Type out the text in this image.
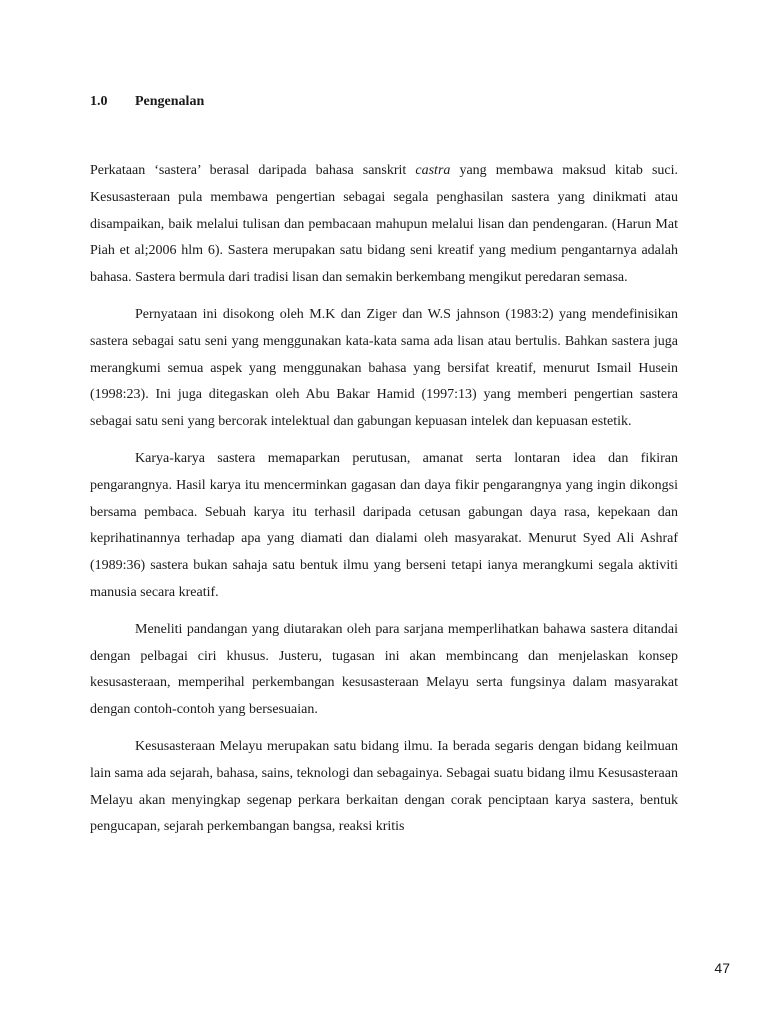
1.0 Pengenalan

Perkataan ‘sastera’ berasal daripada bahasa sanskrit castra yang membawa maksud kitab suci. Kesusasteraan pula membawa pengertian sebagai segala penghasilan sastera yang dinikmati atau disampaikan, baik melalui tulisan dan pembacaan mahupun melalui lisan dan pendengaran. (Harun Mat Piah et al;2006 hlm 6). Sastera merupakan satu bidang seni kreatif yang medium pengantarnya adalah bahasa. Sastera bermula dari tradisi lisan dan semakin berkembang mengikut peredaran semasa.

Pernyataan ini disokong oleh M.K dan Ziger dan W.S jahnson (1983:2) yang mendefinisikan sastera sebagai satu seni yang menggunakan kata-kata sama ada lisan atau bertulis. Bahkan sastera juga merangkumi semua aspek yang menggunakan bahasa yang bersifat kreatif, menurut Ismail Husein (1998:23). Ini juga ditegaskan oleh Abu Bakar Hamid (1997:13) yang memberi pengertian sastera sebagai satu seni yang bercorak intelektual dan gabungan kepuasan intelek dan kepuasan estetik.

Karya-karya sastera memaparkan perutusan, amanat serta lontaran idea dan fikiran pengarangnya. Hasil karya itu mencerminkan gagasan dan daya fikir pengarangnya yang ingin dikongsi bersama pembaca. Sebuah karya itu terhasil daripada cetusan gabungan daya rasa, kepekaan dan keprihatinannya terhadap apa yang diamati dan dialami oleh masyarakat. Menurut Syed Ali Ashraf (1989:36) sastera bukan sahaja satu bentuk ilmu yang berseni tetapi ianya merangkumi segala aktiviti manusia secara kreatif.

Meneliti pandangan yang diutarakan oleh para sarjana memperlihatkan bahawa sastera ditandai dengan pelbagai ciri khusus. Justeru, tugasan ini akan membincang dan menjelaskan konsep kesusasteraan, memperihal perkembangan kesusasteraan Melayu serta fungsinya dalam masyarakat dengan contoh-contoh yang bersesuaian.

Kesusasteraan Melayu merupakan satu bidang ilmu. Ia berada segaris dengan bidang keilmuan lain sama ada sejarah, bahasa, sains, teknologi dan sebagainya. Sebagai suatu bidang ilmu Kesusasteraan Melayu akan menyingkap segenap perkara berkaitan dengan corak penciptaan karya sastera, bentuk pengucapan, sejarah perkembangan bangsa, reaksi kritis

47
